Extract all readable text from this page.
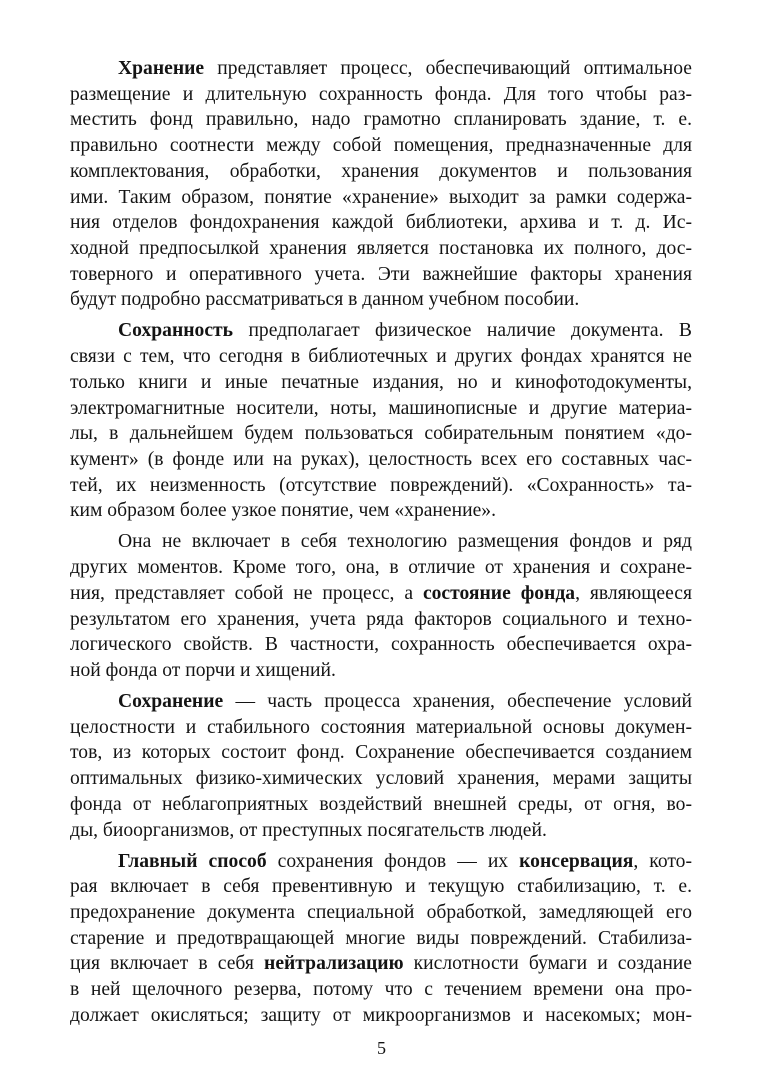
Хранение представляет процесс, обеспечивающий оптимальное
размещение и длительную сохранность фонда. Для того чтобы раз-
местить фонд правильно, надо грамотно спланировать здание, т. е.
правильно соотнести между собой помещения, предназначенные для
комплектования, обработки, хранения документов и пользования
ими. Таким образом, понятие «хранение» выходит за рамки содержа-
ния отделов фондохранения каждой библиотеки, архива и т. д. Ис-
ходной предпосылкой хранения является постановка их полного, дос-
товерного и оперативного учета. Эти важнейшие факторы хранения
будут подробно рассматриваться в данном учебном пособии.
Сохранность предполагает физическое наличие документа. В
связи с тем, что сегодня в библиотечных и других фондах хранятся не
только книги и иные печатные издания, но и кинофотодокументы,
электромагнитные носители, ноты, машинописные и другие материа-
лы, в дальнейшем будем пользоваться собирательным понятием «до-
кумент» (в фонде или на руках), целостность всех его составных час-
тей, их неизменность (отсутствие повреждений). «Сохранность» та-
ким образом более узкое понятие, чем «хранение».
Она не включает в себя технологию размещения фондов и ряд
других моментов. Кроме того, она, в отличие от хранения и сохране-
ния, представляет собой не процесс, а состояние фонда, являющееся
результатом его хранения, учета ряда факторов социального и техно-
логического свойств. В частности, сохранность обеспечивается охра-
ной фонда от порчи и хищений.
Сохранение — часть процесса хранения, обеспечение условий
целостности и стабильного состояния материальной основы докумен-
тов, из которых состоит фонд. Сохранение обеспечивается созданием
оптимальных физико-химических условий хранения, мерами защиты
фонда от неблагоприятных воздействий внешней среды, от огня, во-
ды, биоорганизмов, от преступных посягательств людей.
Главный способ сохранения фондов — их консервация, кото-
рая включает в себя превентивную и текущую стабилизацию, т. е.
предохранение документа специальной обработкой, замедляющей его
старение и предотвращающей многие виды повреждений. Стабилиза-
ция включает в себя нейтрализацию кислотности бумаги и создание
в ней щелочного резерва, потому что с течением времени она про-
должает окисляться; защиту от микроорганизмов и насекомых; мон-
5
